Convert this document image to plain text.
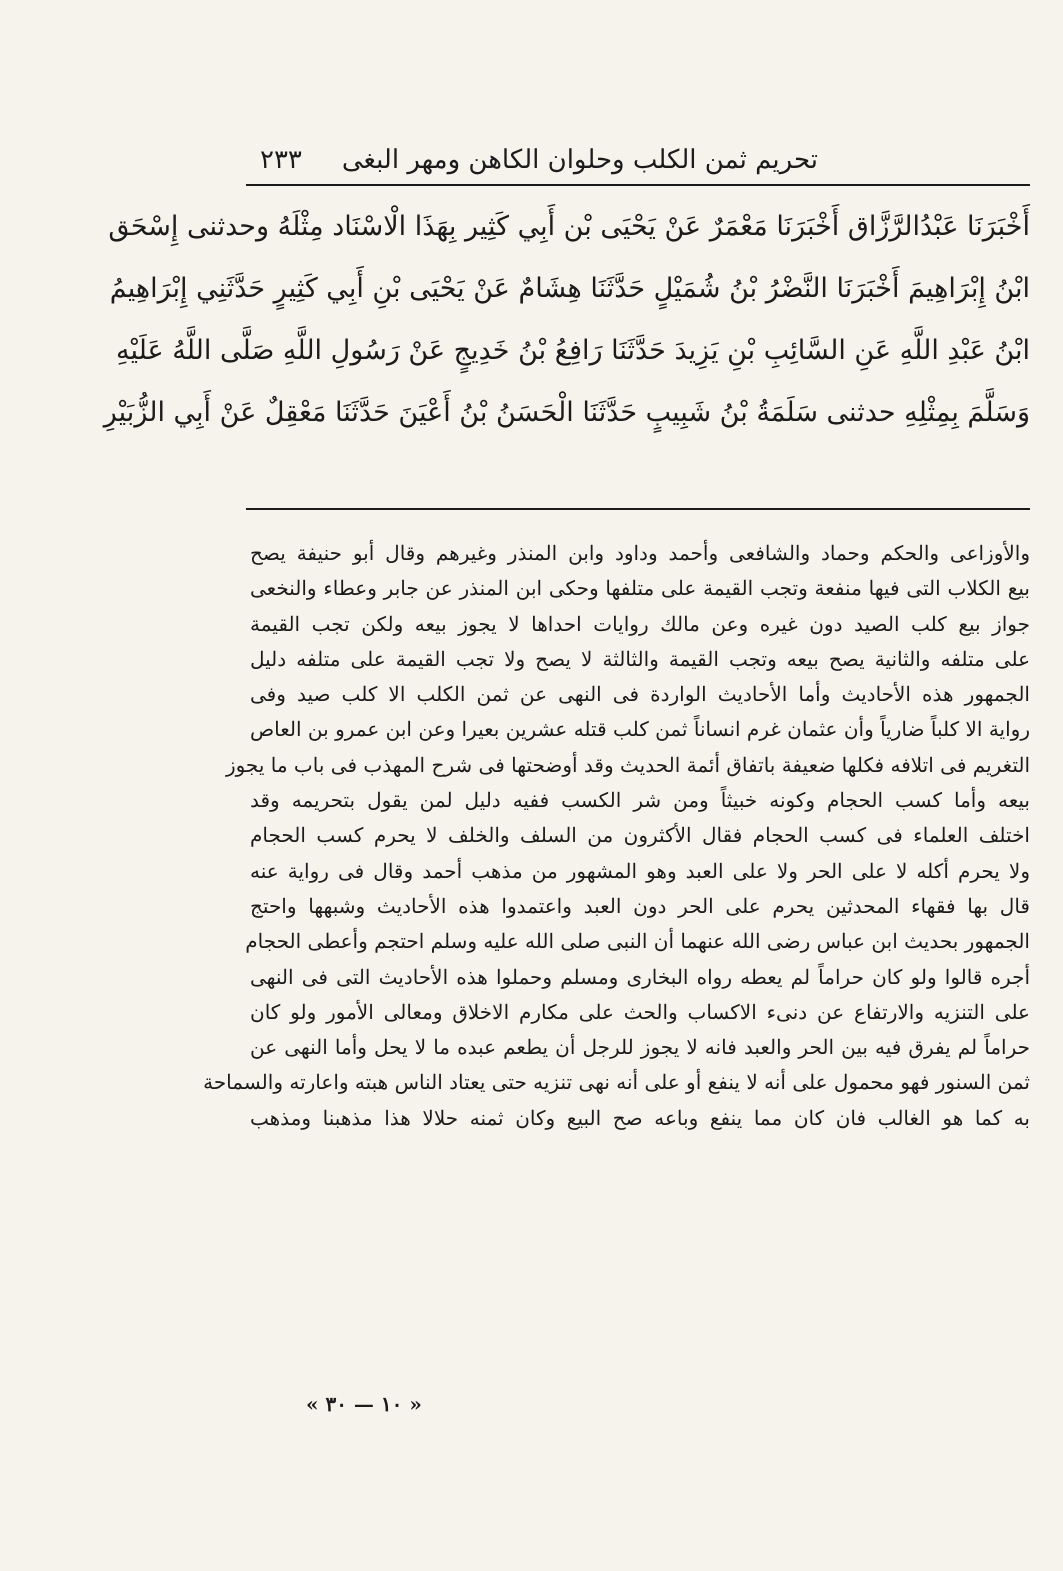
٢٣٣ تحريم ثمن الكلب وحلوان الكاهن ومهر البغى
أَخْبَرَنَا عَبْدُالرَّزَّاق أَخْبَرَنَا مَعْمَرٌ عَنْ يَحْيَى بْن أَبِي كَثِير بِهَذَا الْاسْنَاد مِثْلَهُ وحدثنى إِسْحَق
ابْنُ إِبْرَاهِيمَ أَخْبَرَنَا النَّضْرُ بْنُ شُمَيْلٍ حَدَّثَنَا هِشَامٌ عَنْ يَحْيَى بْنِ أَبِي كَثِيرٍ حَدَّثَنِي إِبْرَاهِيمُ
ابْنُ عَبْدِ اللَّهِ عَنِ السَّائِبِ بْنِ يَزِيدَ حَدَّثَنَا رَافِعُ بْنُ خَدِيجٍ عَنْ رَسُولِ اللَّهِ صَلَّى اللَّهُ عَلَيْهِ
وَسَلَّمَ بِمِثْلِهِ حدثنى سَلَمَةُ بْنُ شَبِيبٍ حَدَّثَنَا الْحَسَنُ بْنُ أَعْيَنَ حَدَّثَنَا مَعْقِلٌ عَنْ أَبِي الزُّبَيْرِ
والأوزاعى والحكم وحماد والشافعى وأحمد وداود وابن المنذر وغيرهم وقال أبو حنيفة يصح
بيع الكلاب التى فيها منفعة وتجب القيمة على متلفها وحكى ابن المنذر عن جابر وعطاء والنخعى
جواز بيع كلب الصيد دون غيره وعن مالك روايات احداها لا يجوز بيعه ولكن تجب القيمة
على متلفه والثانية يصح بيعه وتجب القيمة والثالثة لا يصح ولا تجب القيمة على متلفه دليل
الجمهور هذه الأحاديث وأما الأحاديث الواردة فى النهى عن ثمن الكلب الا كلب صيد وفى
رواية الا كلباً ضارياً وأن عثمان غرم انساناً ثمن كلب قتله عشرين بعيرا وعن ابن عمرو بن العاص
التغريم فى اتلافه فكلها ضعيفة باتفاق أئمة الحديث وقد أوضحتها فى شرح المهذب فى باب ما يجوز
بيعه وأما كسب الحجام وكونه خبيثاً ومن شر الكسب ففيه دليل لمن يقول بتحريمه وقد
اختلف العلماء فى كسب الحجام فقال الأكثرون من السلف والخلف لا يحرم كسب الحجام
ولا يحرم أكله لا على الحر ولا على العبد وهو المشهور من مذهب أحمد وقال فى رواية عنه
قال بها فقهاء المحدثين يحرم على الحر دون العبد واعتمدوا هذه الأحاديث وشبهها واحتج
الجمهور بحديث ابن عباس رضى الله عنهما أن النبى صلى الله عليه وسلم احتجم وأعطى الحجام
أجره قالوا ولو كان حراماً لم يعطه رواه البخارى ومسلم وحملوا هذه الأحاديث التى فى النهى
على التنزيه والارتفاع عن دنىء الاكساب والحث على مكارم الاخلاق ومعالى الأمور ولو كان
حراماً لم يفرق فيه بين الحر والعبد فانه لا يجوز للرجل أن يطعم عبده ما لا يحل وأما النهى عن
ثمن السنور فهو محمول على أنه لا ينفع أو على أنه نهى تنزيه حتى يعتاد الناس هبته واعارته والسماحة
به كما هو الغالب فان كان مما ينفع وباعه صح البيع وكان ثمنه حلالا هذا مذهبنا ومذهب
« ١٠ — ٣٠ »
